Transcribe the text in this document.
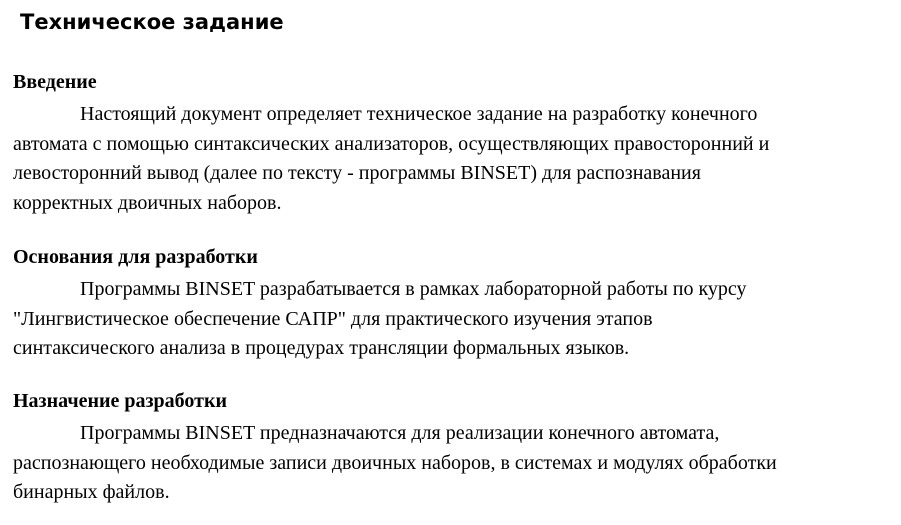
Техническое задание
Введение

Настоящий документ определяет техническое задание на разработку конечного
автомата с помощью синтаксических анализаторов, осуществляющих правосторонний и
левосторонний вывод (далее по тексту - программы BINSET) для распознавания
корректных двоичных наборов.

Основания для разработки

Программы BINSET разрабатывается в рамках лабораторной работы по курсу
"Лингвистическое обеспечение САПР" для практического изучения этапов
синтаксического анализа в процедурах трансляции формальных языков.

Назначение разработки

Программы BINSET предназначаются для реализации конечного автомата,
распознающего необходимые записи двоичных наборов, в системах и модулях обработки
бинарных файлов.
